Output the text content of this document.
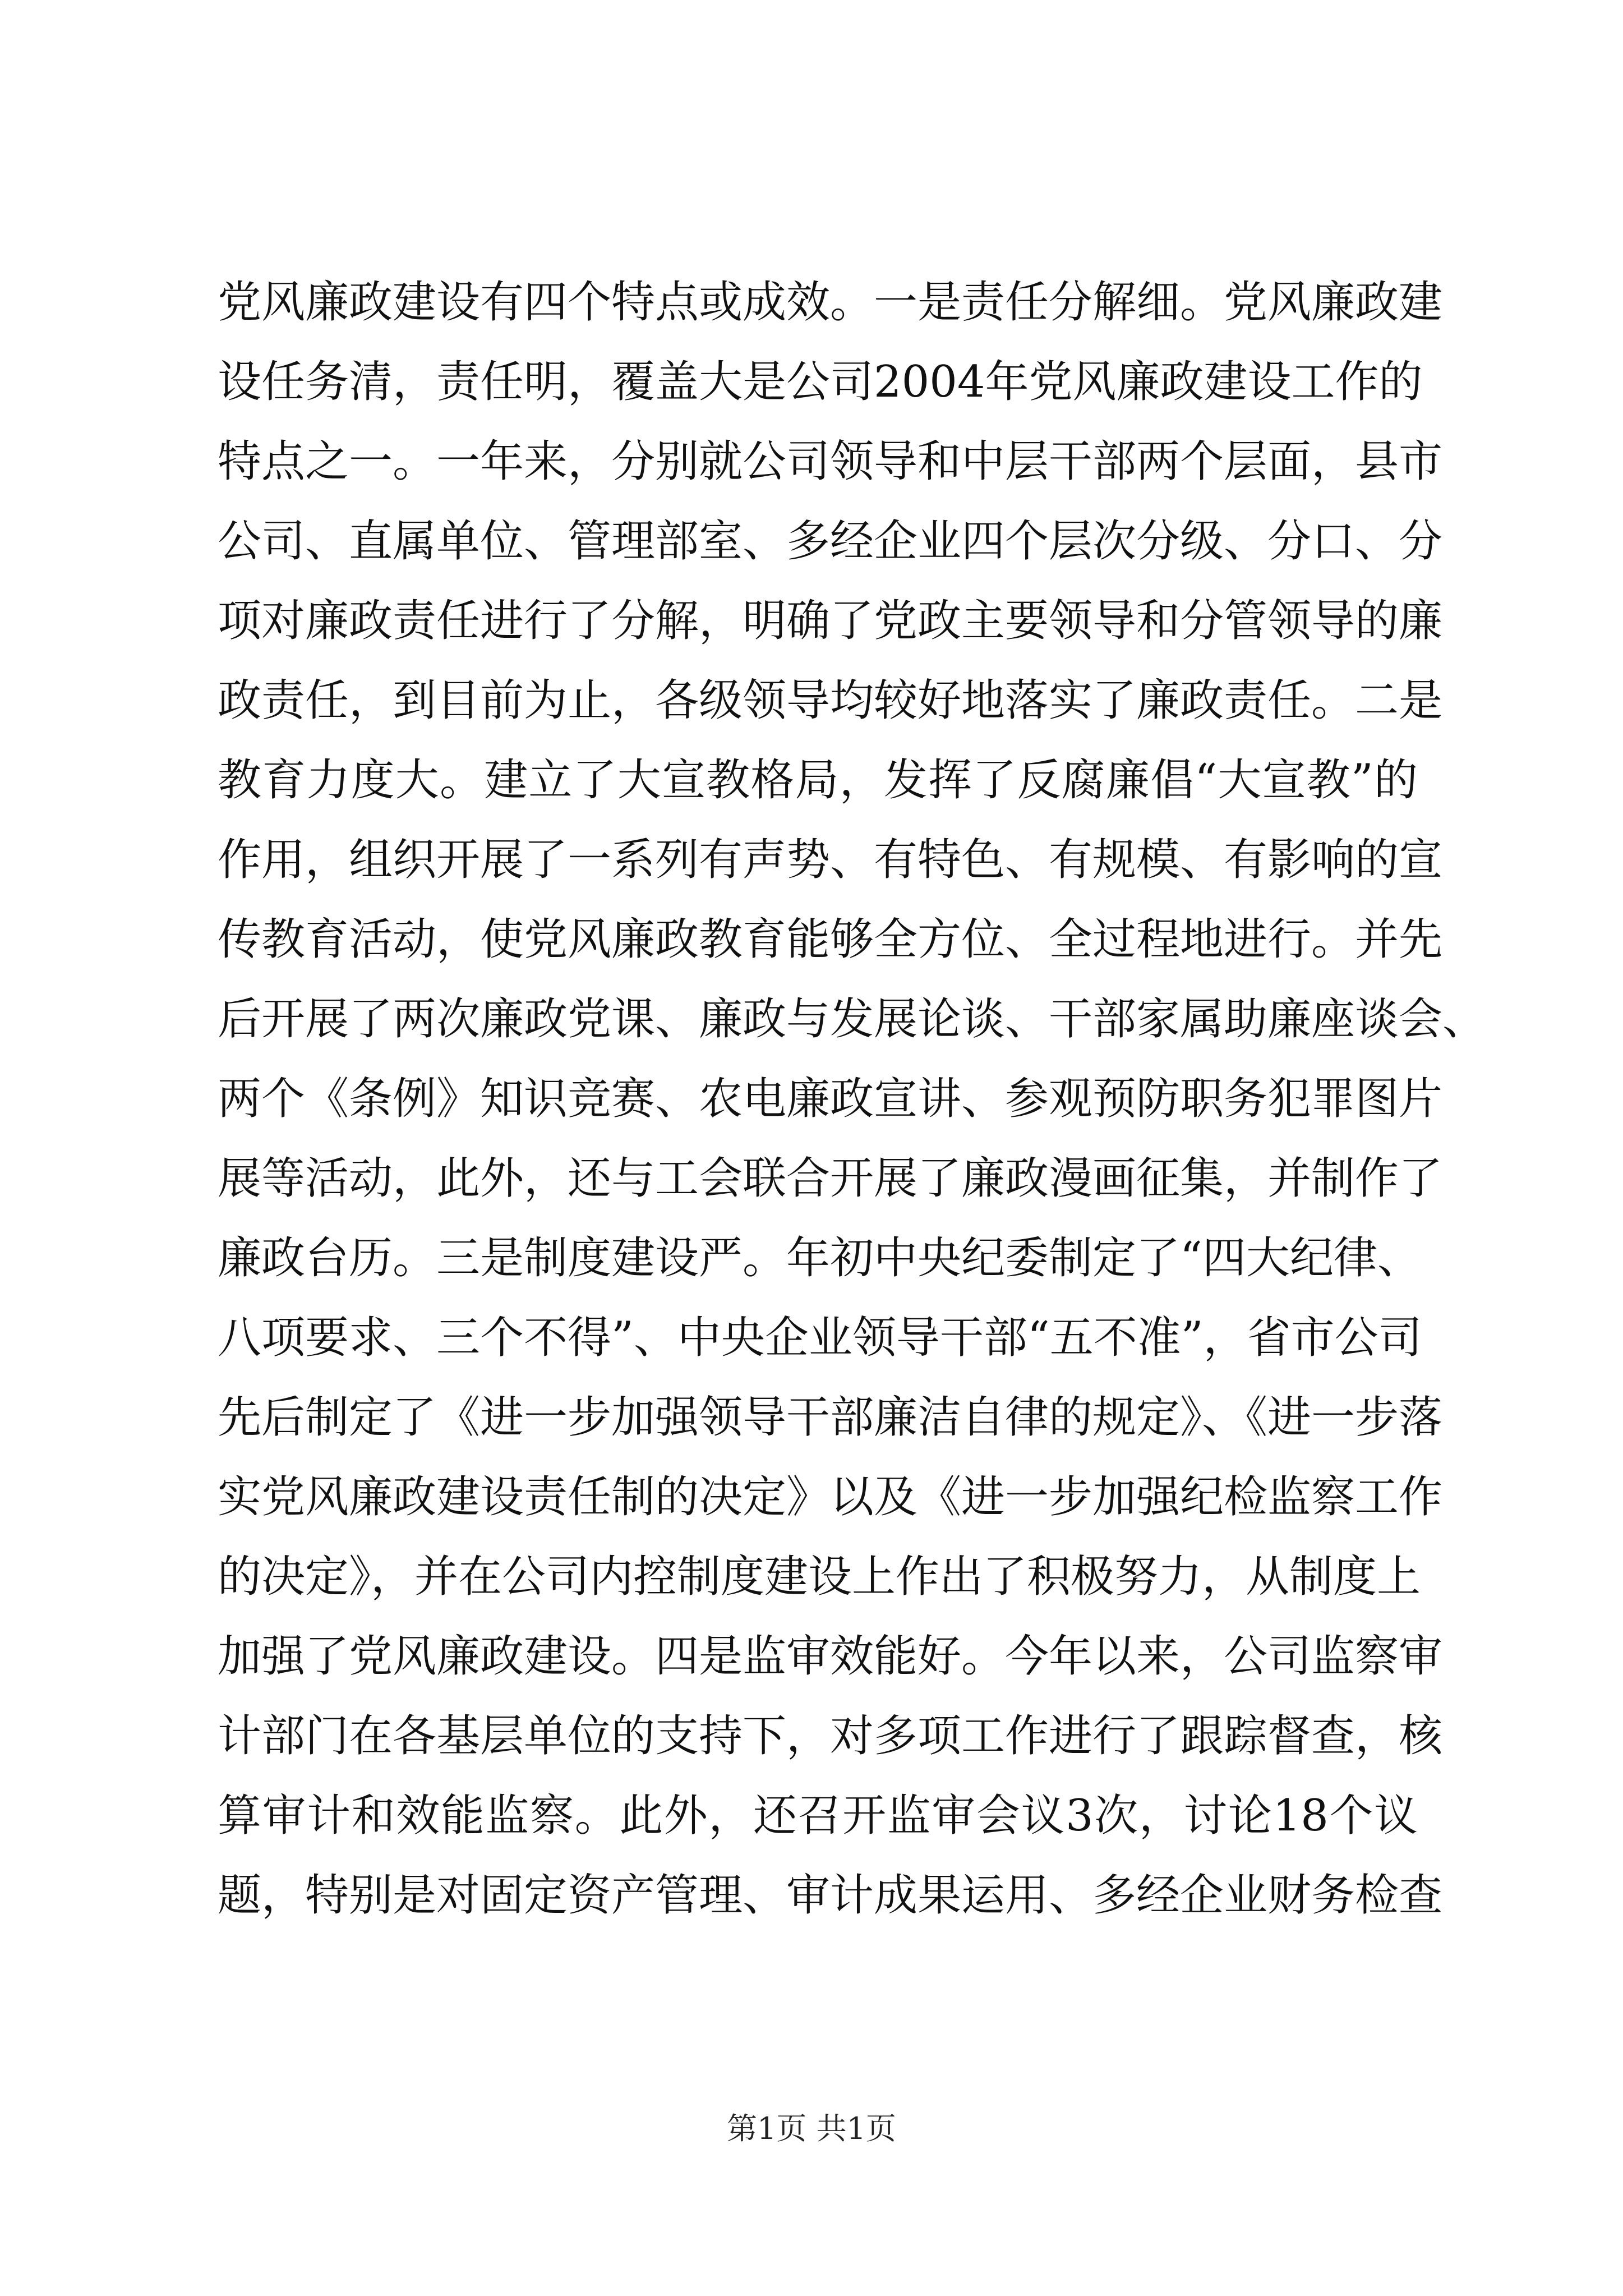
党风廉政建设有四个特点或成效。一是责任分解细。党风廉政建
设任务清，责任明，覆盖大是公司2004年党风廉政建设工作的
特点之一。一年来，分别就公司领导和中层干部两个层面，县市
公司、直属单位、管理部室、多经企业四个层次分级、分口、分
项对廉政责任进行了分解，明确了党政主要领导和分管领导的廉
政责任，到目前为止，各级领导均较好地落实了廉政责任。二是
教育力度大。建立了大宣教格局，发挥了反腐廉倡“大宣教”的
作用，组织开展了一系列有声势、有特色、有规模、有影响的宣
传教育活动，使党风廉政教育能够全方位、全过程地进行。并先
后开展了两次廉政党课、廉政与发展论谈、干部家属助廉座谈会、
两个《条例》知识竞赛、农电廉政宣讲、参观预防职务犯罪图片
展等活动，此外，还与工会联合开展了廉政漫画征集，并制作了
廉政台历。三是制度建设严。年初中央纪委制定了“四大纪律、
八项要求、三个不得”、中央企业领导干部“五不准”，省市公司
先后制定了《进一步加强领导干部廉洁自律的规定》、《进一步落
实党风廉政建设责任制的决定》以及《进一步加强纪检监察工作
的决定》，并在公司内控制度建设上作出了积极努力，从制度上
加强了党风廉政建设。四是监审效能好。今年以来，公司监察审
计部门在各基层单位的支持下，对多项工作进行了跟踪督查，核
算审计和效能监察。此外，还召开监审会议3次，讨论18个议
题，特别是对固定资产管理、审计成果运用、多经企业财务检查
第1页 共1页
